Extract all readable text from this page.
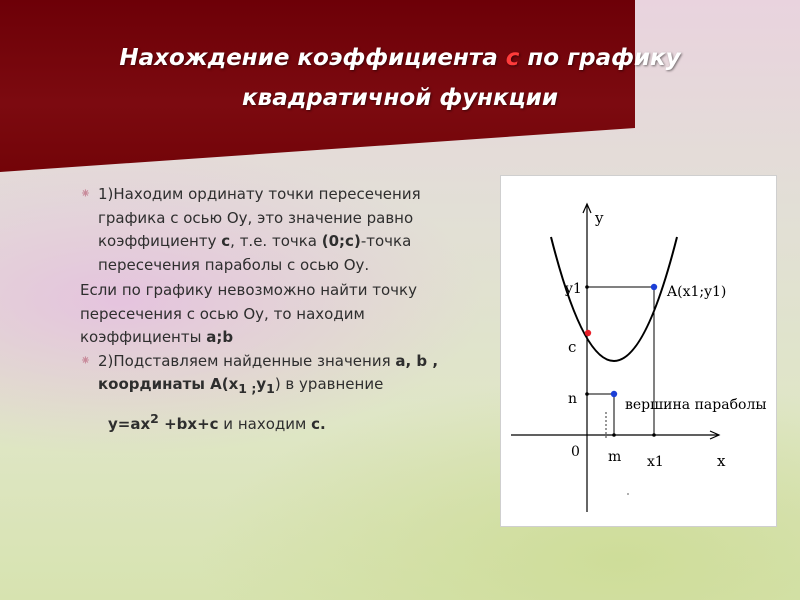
Нахождение коэффициента с по графику квадратичной функции

⁕ 1)Находим ординату точки пересечения графика с осью Оу, это значение равно коэффициенту с, т.е. точка (0;с)-точка пересечения параболы с осью Оу.

Если по графику невозможно найти точку пересечения с осью Оу, то находим коэффициенты а;b

⁕ 2)Подставляем найденные значения а, b , координаты $А(х_{1 ;}у_1)$ в уравнение

$у=ах^2 +bх+с$ и находим с.

y
x
0
y1
c
n
m x1
A(x1;y1)
вершина параболы
